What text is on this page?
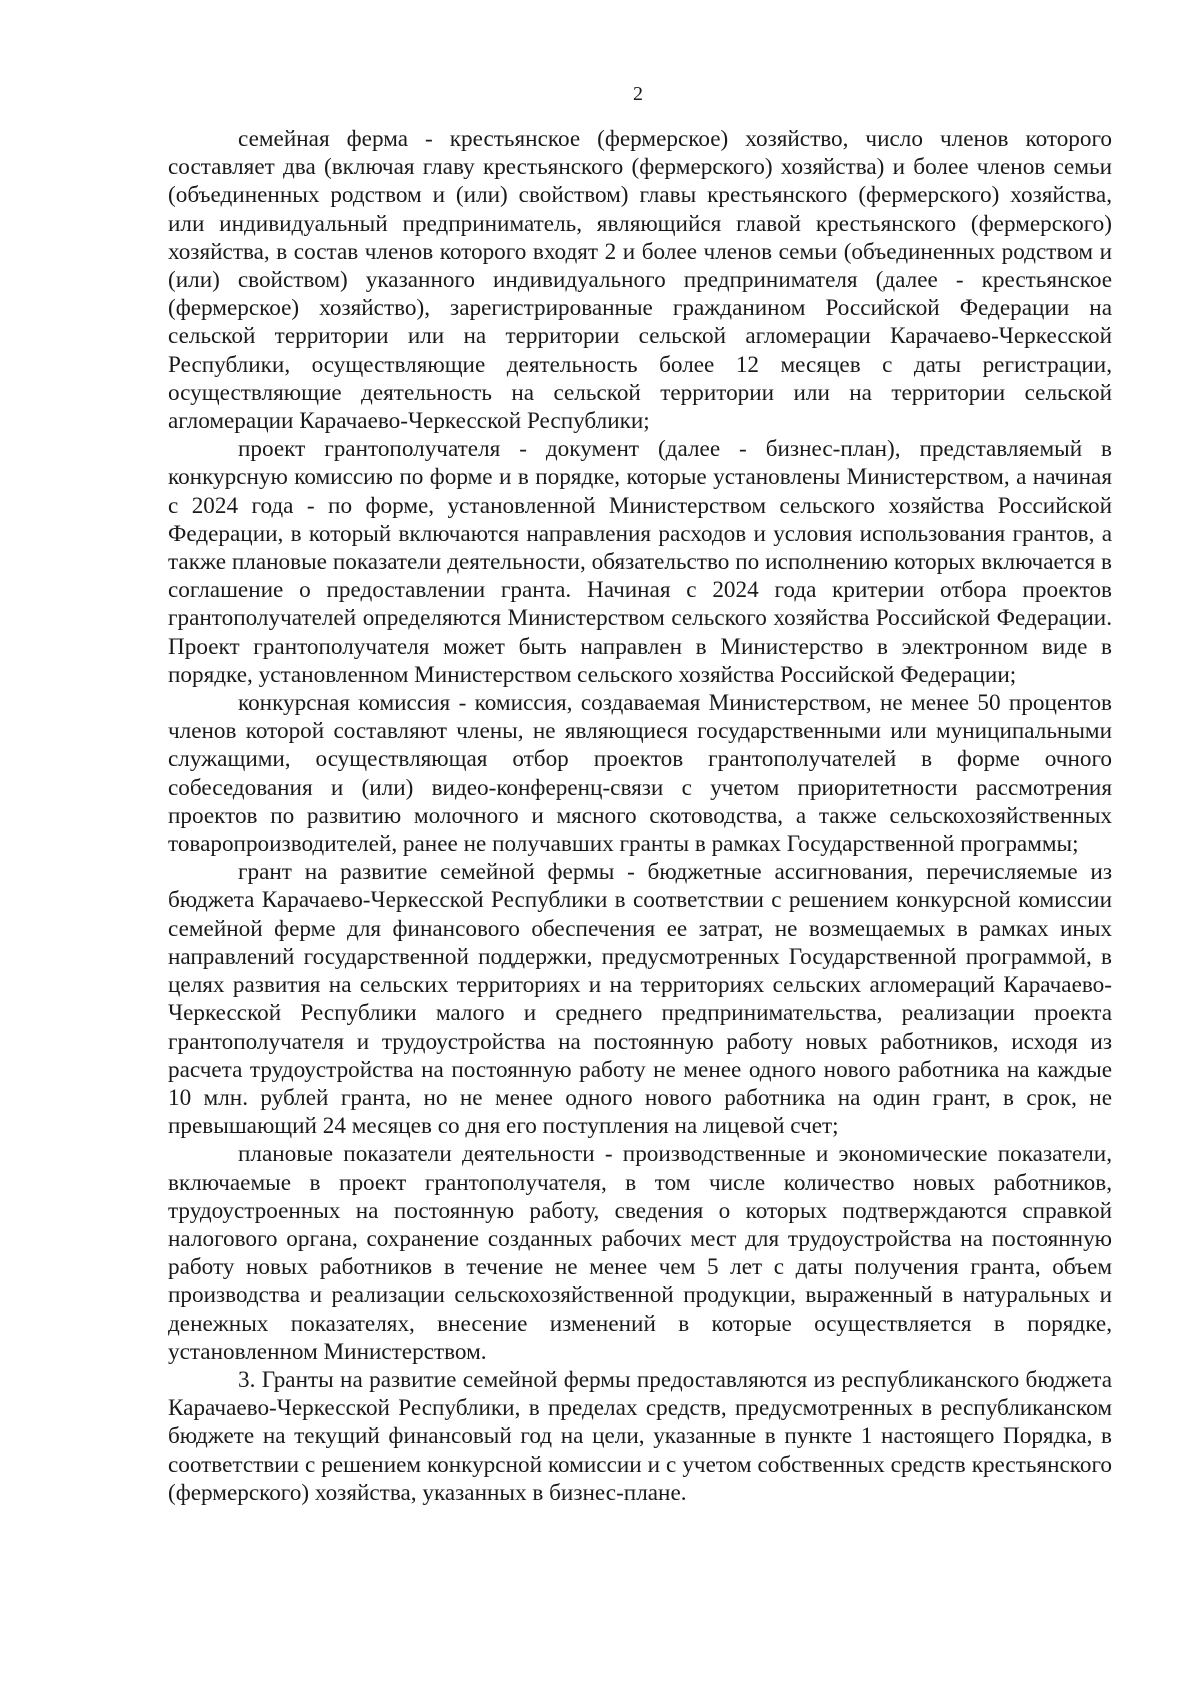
2

семейная ферма - крестьянское (фермерское) хозяйство, число членов которого составляет два (включая главу крестьянского (фермерского) хозяйства) и более членов семьи (объединенных родством и (или) свойством) главы крестьянского (фермерского) хозяйства, или индивидуальный предприниматель, являющийся главой крестьянского (фермерского) хозяйства, в состав членов которого входят 2 и более членов семьи (объединенных родством и (или) свойством) указанного индивидуального предпринимателя (далее - крестьянское (фермерское) хозяйство), зарегистрированные гражданином Российской Федерации на сельской территории или на территории сельской агломерации Карачаево-Черкесской Республики, осуществляющие деятельность более 12 месяцев с даты регистрации, осуществляющие деятельность на сельской территории или на территории сельской агломерации Карачаево-Черкесской Республики;

проект грантополучателя - документ (далее - бизнес-план), представляемый в конкурсную комиссию по форме и в порядке, которые установлены Министерством, а начиная с 2024 года - по форме, установленной Министерством сельского хозяйства Российской Федерации, в который включаются направления расходов и условия использования грантов, а также плановые показатели деятельности, обязательство по исполнению которых включается в соглашение о предоставлении гранта. Начиная с 2024 года критерии отбора проектов грантополучателей определяются Министерством сельского хозяйства Российской Федерации. Проект грантополучателя может быть направлен в Министерство в электронном виде в порядке, установленном Министерством сельского хозяйства Российской Федерации;

конкурсная комиссия - комиссия, создаваемая Министерством, не менее 50 процентов членов которой составляют члены, не являющиеся государственными или муниципальными служащими, осуществляющая отбор проектов грантополучателей в форме очного собеседования и (или) видео-конференц-связи с учетом приоритетности рассмотрения проектов по развитию молочного и мясного скотоводства, а также сельскохозяйственных товаропроизводителей, ранее не получавших гранты в рамках Государственной программы;

грант на развитие семейной фермы - бюджетные ассигнования, перечисляемые из бюджета Карачаево-Черкесской Республики в соответствии с решением конкурсной комиссии семейной ферме для финансового обеспечения ее затрат, не возмещаемых в рамках иных направлений государственной поддержки, предусмотренных Государственной программой, в целях развития на сельских территориях и на территориях сельских агломераций Карачаево-Черкесской Республики малого и среднего предпринимательства, реализации проекта грантополучателя и трудоустройства на постоянную работу новых работников, исходя из расчета трудоустройства на постоянную работу не менее одного нового работника на каждые 10 млн. рублей гранта, но не менее одного нового работника на один грант, в срок, не превышающий 24 месяцев со дня его поступления на лицевой счет;

плановые показатели деятельности - производственные и экономические показатели, включаемые в проект грантополучателя, в том числе количество новых работников, трудоустроенных на постоянную работу, сведения о которых подтверждаются справкой налогового органа, сохранение созданных рабочих мест для трудоустройства на постоянную работу новых работников в течение не менее чем 5 лет с даты получения гранта, объем производства и реализации сельскохозяйственной продукции, выраженный в натуральных и денежных показателях, внесение изменений в которые осуществляется в порядке, установленном Министерством.

3. Гранты на развитие семейной фермы предоставляются из республиканского бюджета Карачаево-Черкесской Республики, в пределах средств, предусмотренных в республиканском бюджете на текущий финансовый год на цели, указанные в пункте 1 настоящего Порядка, в соответствии с решением конкурсной комиссии и с учетом собственных средств крестьянского (фермерского) хозяйства, указанных в бизнес-плане.
